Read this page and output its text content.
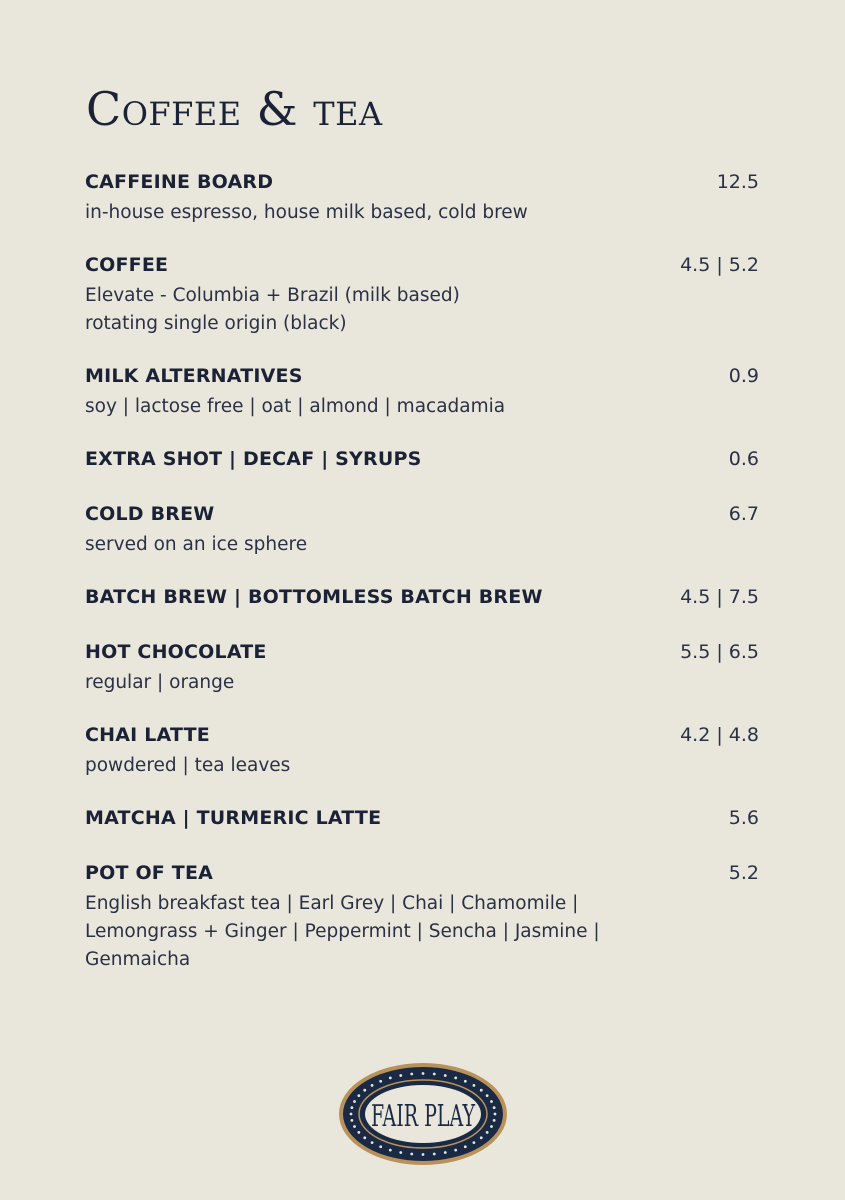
Coffee & tea
CAFFEINE BOARD	12.5
in-house espresso, house milk based, cold brew
COFFEE	4.5 | 5.2
Elevate - Columbia + Brazil (milk based)
rotating single origin (black)
MILK ALTERNATIVES	0.9
soy | lactose free | oat | almond | macadamia
EXTRA SHOT | DECAF | SYRUPS	0.6
COLD BREW	6.7
served on an ice sphere
BATCH BREW | BOTTOMLESS BATCH BREW	4.5 | 7.5
HOT CHOCOLATE	5.5 | 6.5
regular | orange
CHAI LATTE	4.2 | 4.8
powdered | tea leaves
MATCHA | TURMERIC LATTE	5.6
POT OF TEA	5.2
English breakfast tea | Earl Grey | Chai | Chamomile |
Lemongrass + Ginger | Peppermint | Sencha | Jasmine |
Genmaicha
FAIR PLAY
